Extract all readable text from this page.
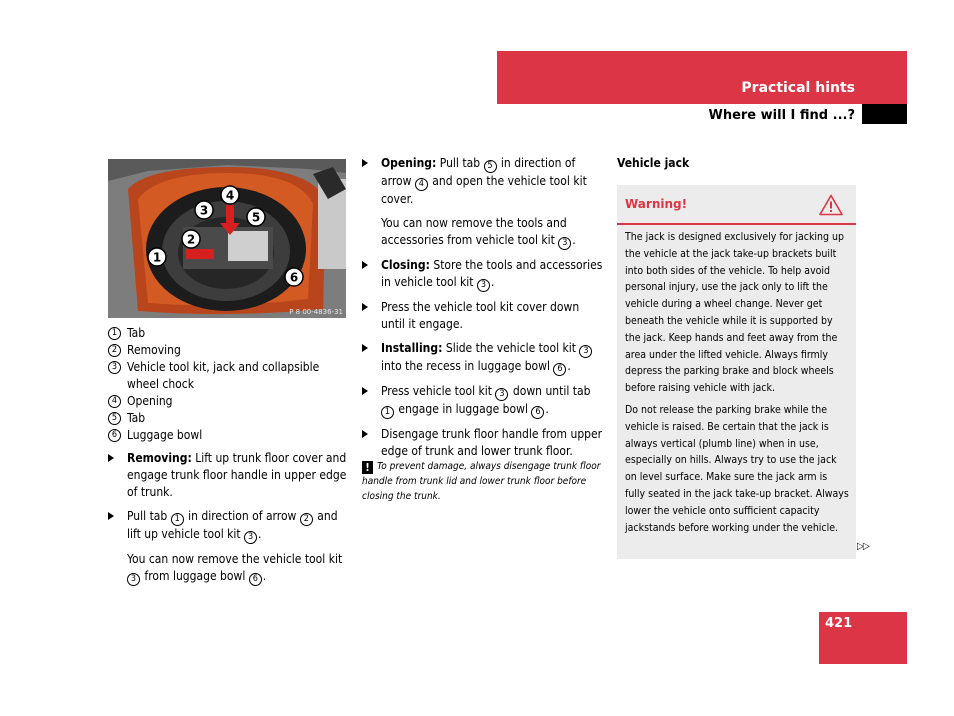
Practical hints
Where will I find ...?
1
2
3
4
5
6
P 8 00-4836-31
1 Tab
2 Removing
3 Vehicle tool kit, jack and collapsible wheel chock
4 Opening
5 Tab
6 Luggage bowl
Removing: Lift up trunk floor cover and engage trunk floor handle in upper edge of trunk.
Pull tab 1 in direction of arrow 2 and lift up vehicle tool kit 3 .
You can now remove the vehicle tool kit 3 from luggage bowl 6 .
Opening: Pull tab 5 in direction of arrow 4 and open the vehicle tool kit cover.
You can now remove the tools and accessories from vehicle tool kit 3 .
Closing: Store the tools and accessories in vehicle tool kit 3 .
Press the vehicle tool kit cover down until it engage.
Installing: Slide the vehicle tool kit 3 into the recess in luggage bowl 6 .
Press vehicle tool kit 3 down until tab 1 engage in luggage bowl 6 .
Disengage trunk floor handle from upper edge of trunk and lower trunk floor.
! To prevent damage, always disengage trunk floor handle from trunk lid and lower trunk floor before closing the trunk.
Vehicle jack
Warning!

The jack is designed exclusively for jacking up the vehicle at the jack take-up brackets built into both sides of the vehicle. To help avoid personal injury, use the jack only to lift the vehicle during a wheel change. Never get beneath the vehicle while it is supported by the jack. Keep hands and feet away from the area under the lifted vehicle. Always firmly depress the parking brake and block wheels before raising vehicle with jack.

Do not release the parking brake while the vehicle is raised. Be certain that the jack is always vertical (plumb line) when in use, especially on hills. Always try to use the jack on level surface. Make sure the jack arm is fully seated in the jack take-up bracket. Always lower the vehicle onto sufficient capacity jackstands before working under the vehicle.

▷▷
421
